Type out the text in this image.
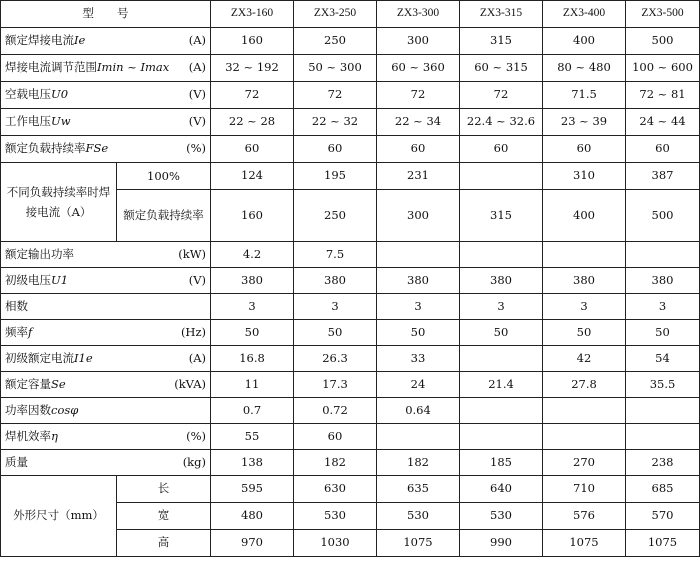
型　　号		ZX3-160	ZX3-250	ZX3-300	ZX3-315	ZX3-400	ZX3-500

额定焊接电流 Ie (A)		160	250	300	315	400	500

焊接电流调节范围 Imin ~ Imax (A)		32 ~ 192	50 ~ 300	60 ~ 360	60 ~ 315	80 ~ 480	100 ~ 600

空载电压 U0 (V)		72	72	72	72	71.5	72 ~ 81

工作电压 Uw (V)		22 ~ 28	22 ~ 32	22 ~ 34	22.4 ~ 32.6	23 ~ 39	24 ~ 44

额定负载持续率 FSe (%)		60	60	60	60	60	60
不同负载持续率时焊接电流（A）	100%	124	195	231		310	387
	额定负载持续率	160	250	300	315	400	500

额定输出功率 (kW)		4.2	7.5				

初级电压 U1 (V)		380	380	380	380	380	380

相数		3	3	3	3	3	3

频率 f (Hz)		50	50	50	50	50	50

初级额定电流 I1e (A)		16.8	26.3	33		42	54

额定容量 Se (kVA)		11	17.3	24	21.4	27.8	35.5

功率因数 cosφ		0.7	0.72	0.64			

焊机效率 η (%)		55	60				

质量 (kg)		138	182	182	185	270	238
外形尺寸（mm）	长	595	630	635	640	710	685
	宽	480	530	530	530	576	570
	高	970	1030	1075	990	1075	1075
